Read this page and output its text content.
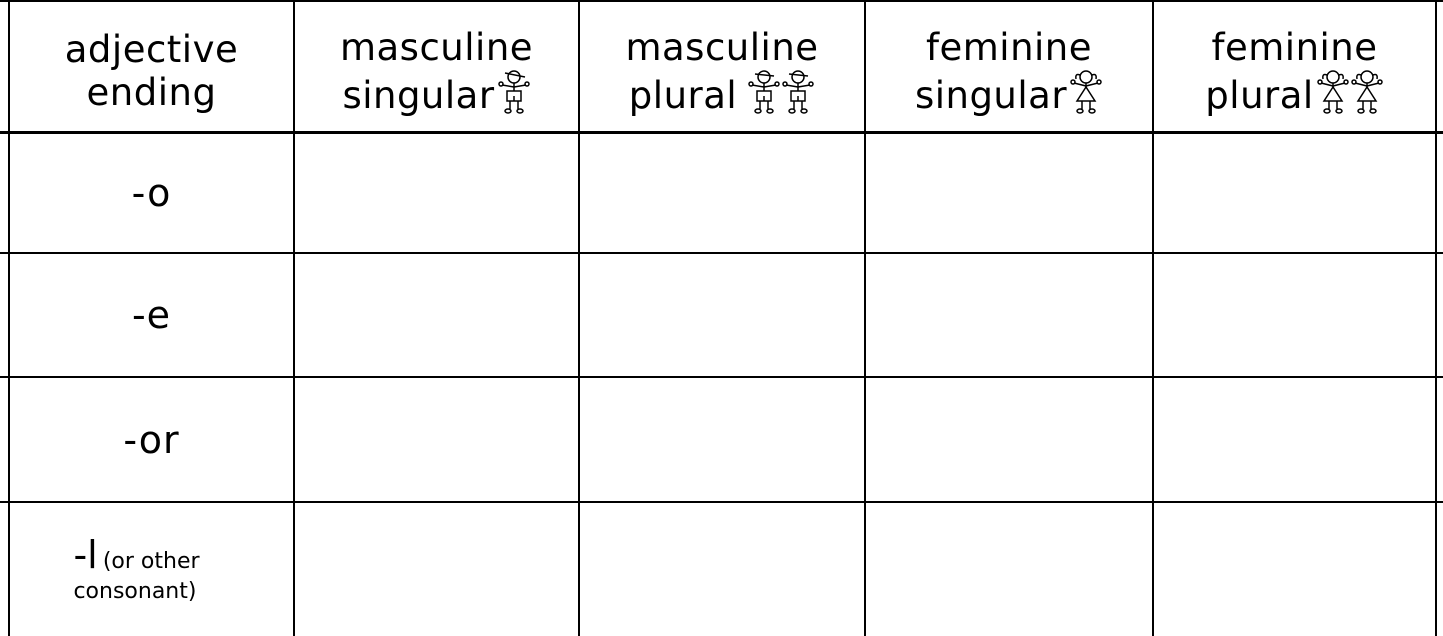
adjective
ending
masculine
singular
masculine
plural
feminine
singular
feminine
plural
-o
-e
-or
-l (or other
consonant)
